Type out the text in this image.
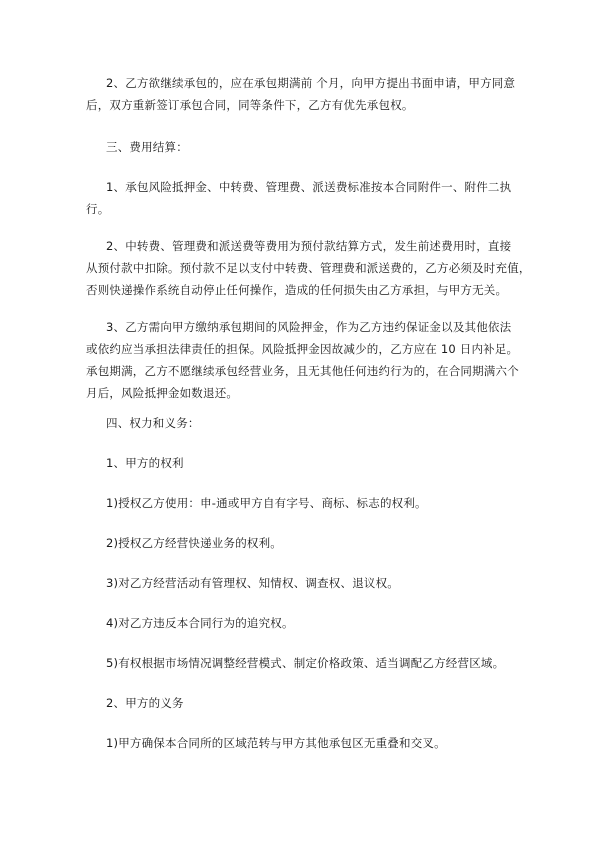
2、乙方欲继续承包的，应在承包期满前 个月，向甲方提出书面申请，甲方同意
后，双方重新签订承包合同，同等条件下，乙方有优先承包权。
三、费用结算：
1、承包风险抵押金、中转费、管理费、派送费标准按本合同附件一、附件二执
行。
2、中转费、管理费和派送费等费用为预付款结算方式，发生前述费用时，直接
从预付款中扣除。预付款不足以支付中转费、管理费和派送费的，乙方必须及时充值，
否则快递操作系统自动停止任何操作，造成的任何损失由乙方承担，与甲方无关。
3、乙方需向甲方缴纳承包期间的风险押金，作为乙方违约保证金以及其他依法
或依约应当承担法律责任的担保。风险抵押金因故减少的，乙方应在 10 日内补足。
承包期满，乙方不愿继续承包经营业务，且无其他任何违约行为的，在合同期满六个
月后，风险抵押金如数退还。
四、权力和义务：
1、甲方的权利
1)授权乙方使用：申-通或甲方自有字号、商标、标志的权利。
2)授权乙方经营快递业务的权利。
3)对乙方经营活动有管理权、知情权、调查权、退议权。
4)对乙方违反本合同行为的追究权。
5)有权根据市场情况调整经营模式、制定价格政策、适当调配乙方经营区域。
2、甲方的义务
1)甲方确保本合同所的区域范转与甲方其他承包区无重叠和交叉。
